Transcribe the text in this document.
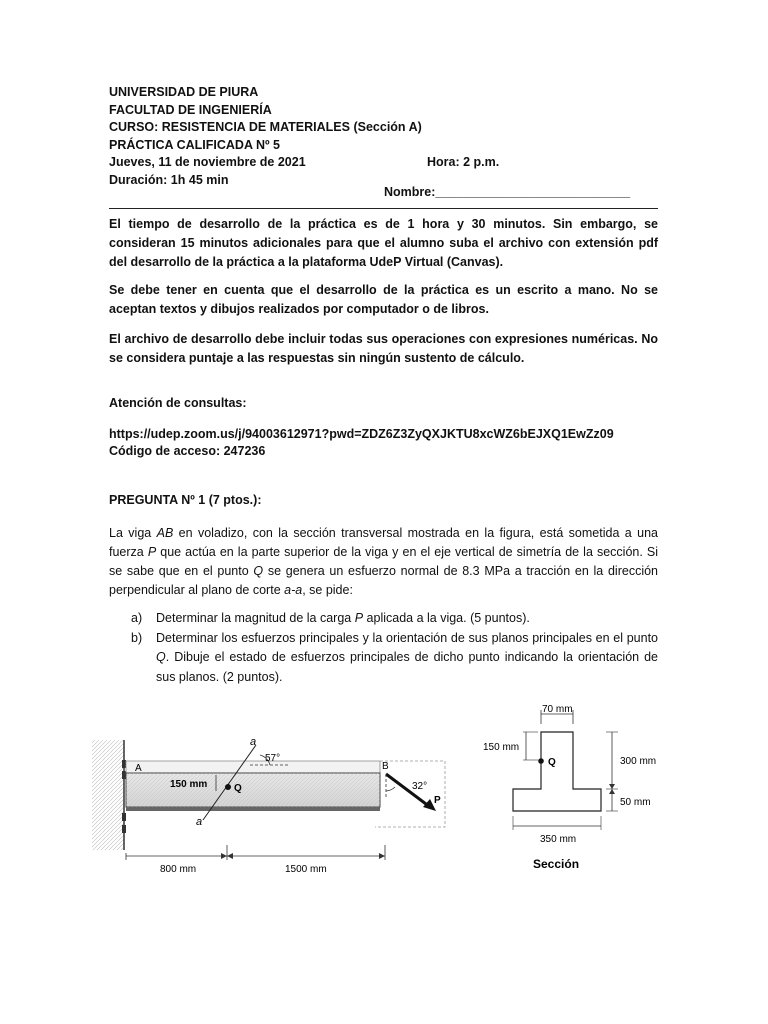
UNIVERSIDAD DE PIURA
FACULTAD DE INGENIERÍA
CURSO: RESISTENCIA DE MATERIALES (Sección A)
PRÁCTICA CALIFICADA Nº 5
Jueves, 11 de noviembre de 2021	Hora: 2 p.m.
Duración: 1h 45 min
Nombre:____________________________
El tiempo de desarrollo de la práctica es de 1 hora y 30 minutos. Sin embargo, se consideran 15 minutos adicionales para que el alumno suba el archivo con extensión pdf del desarrollo de la práctica a la plataforma UdeP Virtual (Canvas).
Se debe tener en cuenta que el desarrollo de la práctica es un escrito a mano. No se aceptan textos y dibujos realizados por computador o de libros.
El archivo de desarrollo debe incluir todas sus operaciones con expresiones numéricas. No se considera puntaje a las respuestas sin ningún sustento de cálculo.
Atención de consultas:
https://udep.zoom.us/j/94003612971?pwd=ZDZ6Z3ZyQXJKTU8xcWZ6bEJXQ1EwZz09
Código de acceso: 247236
PREGUNTA Nº 1 (7 ptos.):
La viga AB en voladizo, con la sección transversal mostrada en la figura, está sometida a una fuerza P que actúa en la parte superior de la viga y en el eje vertical de simetría de la sección. Si se sabe que en el punto Q se genera un esfuerzo normal de 8.3 MPa a tracción en la dirección perpendicular al plano de corte a-a, se pide:
a) Determinar la magnitud de la carga P aplicada a la viga. (5 puntos).
b) Determinar los esfuerzos principales y la orientación de sus planos principales en el punto Q. Dibuje el estado de esfuerzos principales de dicho punto indicando la orientación de sus planos. (2 puntos).
a
a
57°
A	B
150 mm	Q	32°
P
800 mm	1500 mm
70 mm
150 mm
Q	300 mm
50 mm
350 mm
Sección
